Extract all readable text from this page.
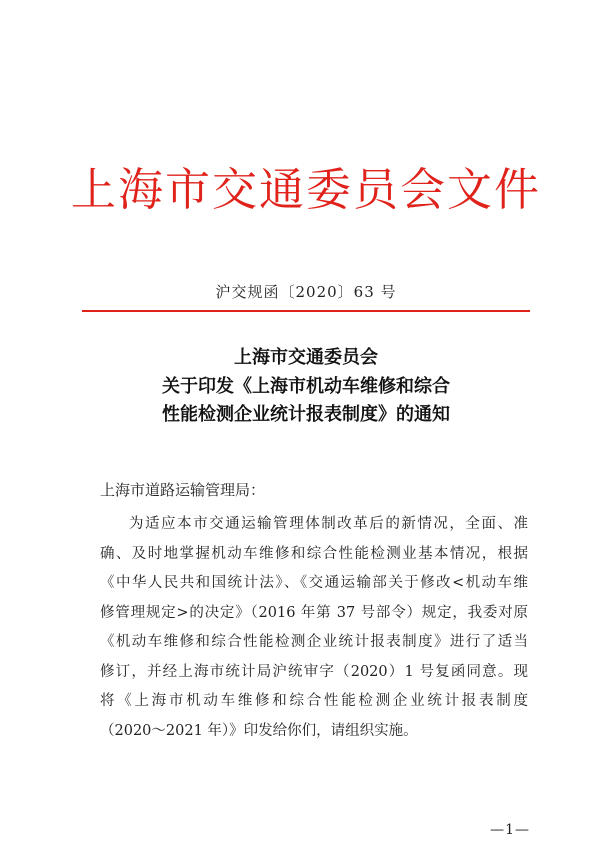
上海市交通委员会文件
沪交规函〔2020〕63 号
上海市交通委员会
关于印发《上海市机动车维修和综合
性能检测企业统计报表制度》的通知
上海市道路运输管理局：
为适应本市交通运输管理体制改革后的新情况，全面、准
确、及时地掌握机动车维修和综合性能检测业基本情况，根据
《中华人民共和国统计法》、《交通运输部关于修改<机动车维
修管理规定>的决定》（2016 年第 37 号部令）规定，我委对原
《机动车维修和综合性能检测企业统计报表制度》进行了适当
修订，并经上海市统计局沪统审字（2020）1 号复函同意。现
将《上海市机动车维修和综合性能检测企业统计报表制度
（2020～2021 年）》印发给你们，请组织实施。
—1—
